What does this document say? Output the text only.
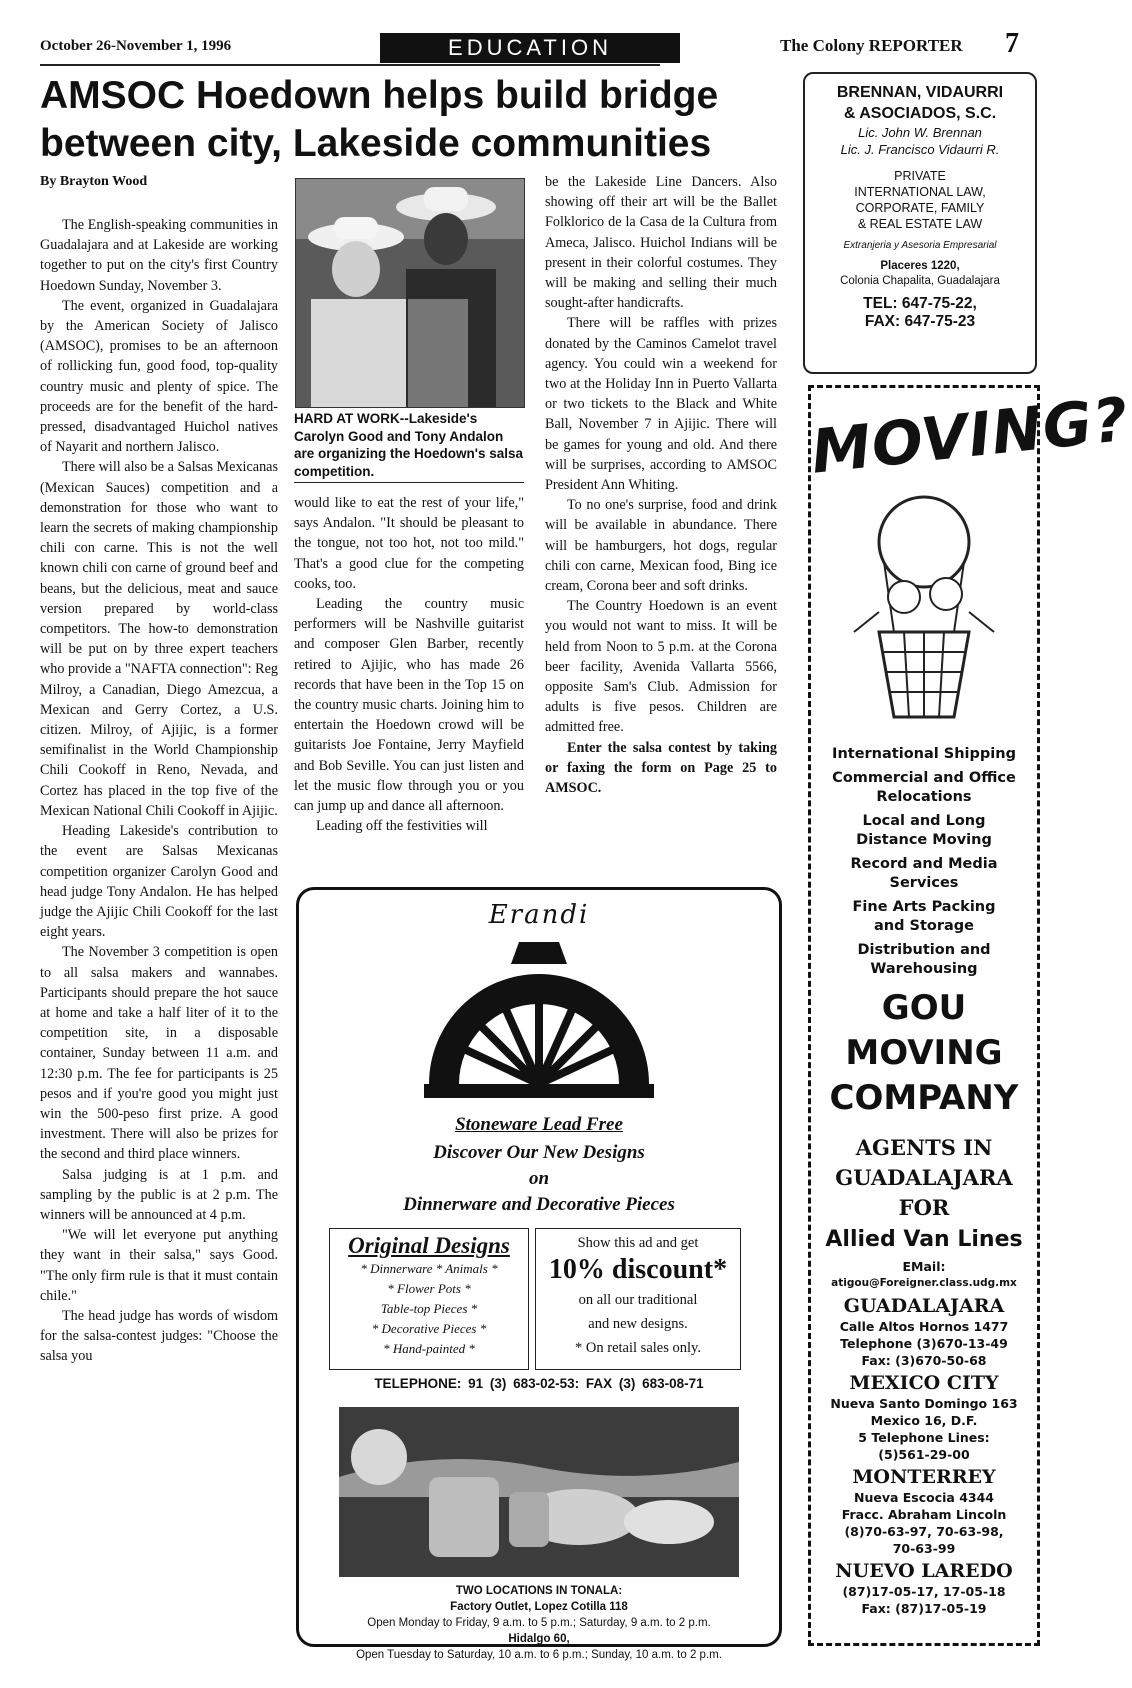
October 26-November 1, 1996	EDUCATION	The Colony REPORTER 7
AMSOC Hoedown helps build bridge
between city, Lakeside communities
By Brayton Wood

The English-speaking communities in Guadalajara and at Lakeside are working together to put on the city's first Country Hoedown Sunday, November 3.

The event, organized in Guadalajara by the American Society of Jalisco (AMSOC), promises to be an afternoon of rollicking fun, good food, top-quality country music and plenty of spice. The proceeds are for the benefit of the hard-pressed, disadvantaged Huichol natives of Nayarit and northern Jalisco.

There will also be a Salsas Mexicanas (Mexican Sauces) competition and a demonstration for those who want to learn the secrets of making championship chili con carne. This is not the well known chili con carne of ground beef and beans, but the delicious, meat and sauce version prepared by world-class competitors. The how-to demonstration will be put on by three expert teachers who provide a "NAFTA connection": Reg Milroy, a Canadian, Diego Amezcua, a Mexican and Gerry Cortez, a U.S. citizen. Milroy, of Ajijic, is a former semifinalist in the World Championship Chili Cookoff in Reno, Nevada, and Cortez has placed in the top five of the Mexican National Chili Cookoff in Ajijic.

Heading Lakeside's contribution to the event are Salsas Mexicanas competition organizer Carolyn Good and head judge Tony Andalon. He has helped judge the Ajijic Chili Cookoff for the last eight years.

The November 3 competition is open to all salsa makers and wannabes. Participants should prepare the hot sauce at home and take a half liter of it to the competition site, in a disposable container, Sunday between 11 a.m. and 12:30 p.m. The fee for participants is 25 pesos and if you're good you might just win the 500-peso first prize. A good investment. There will also be prizes for the second and third place winners.

Salsa judging is at 1 p.m. and sampling by the public is at 2 p.m. The winners will be announced at 4 p.m.

"We will let everyone put anything they want in their salsa," says Good. "The only firm rule is that it must contain chile."

The head judge has words of wisdom for the salsa-contest judges: "Choose the salsa you

HARD AT WORK--Lakeside's Carolyn Good and Tony Andalon are organizing the Hoedown's salsa competition.

would like to eat the rest of your life," says Andalon. "It should be pleasant to the tongue, not too hot, not too mild." That's a good clue for the competing cooks, too.

Leading the country music performers will be Nashville guitarist and composer Glen Barber, recently retired to Ajijic, who has made 26 records that have been in the Top 15 on the country music charts. Joining him to entertain the Hoedown crowd will be guitarists Joe Fontaine, Jerry Mayfield and Bob Seville. You can just listen and let the music flow through you or you can jump up and dance all afternoon.

Leading off the festivities will

be the Lakeside Line Dancers. Also showing off their art will be the Ballet Folklorico de la Casa de la Cultura from Ameca, Jalisco. Huichol Indians will be present in their colorful costumes. They will be making and selling their much sought-after handicrafts.

There will be raffles with prizes donated by the Caminos Camelot travel agency. You could win a weekend for two at the Holiday Inn in Puerto Vallarta or two tickets to the Black and White Ball, November 7 in Ajijic. There will be games for young and old. And there will be surprises, according to AMSOC President Ann Whiting.

To no one's surprise, food and drink will be available in abundance. There will be hamburgers, hot dogs, regular chili con carne, Mexican food, Bing ice cream, Corona beer and soft drinks.

The Country Hoedown is an event you would not want to miss. It will be held from Noon to 5 p.m. at the Corona beer facility, Avenida Vallarta 5566, opposite Sam's Club. Admission for adults is five pesos. Children are admitted free.

Enter the salsa contest by taking or faxing the form on Page 25 to AMSOC.

BRENNAN, VIDAURRI
& ASOCIADOS, S.C.
Lic. John W. Brennan
Lic. J. Francisco Vidaurri R.
PRIVATE
INTERNATIONAL LAW,
CORPORATE, FAMILY
& REAL ESTATE LAW
Extranjeria y Asesoria Empresarial
Placeres 1220,
Colonia Chapalita, Guadalajara
TEL: 647-75-22,
FAX: 647-75-23
MOVING?
International Shipping
Commercial and Office Relocations
Local and Long Distance Moving
Record and Media Services
Fine Arts Packing and Storage
Distribution and Warehousing
GOU
MOVING
COMPANY
AGENTS IN
GUADALAJARA
FOR
Allied Van Lines
EMail:
atigou@Foreigner.class.udg.mx
GUADALAJARA
Calle Altos Hornos 1477
Telephone (3)670-13-49
Fax: (3)670-50-68
MEXICO CITY
Nueva Santo Domingo 163
Mexico 16, D.F.
5 Telephone Lines:
(5)561-29-00
MONTERREY
Nueva Escocia 4344
Fracc. Abraham Lincoln
(8)70-63-97, 70-63-98,
70-63-99
NUEVO LAREDO
(87)17-05-17, 17-05-18
Fax: (87)17-05-19
Erandi
Stoneware Lead Free
Discover Our New Designs
on
Dinnerware and Decorative Pieces
Original Designs
* Dinnerware * Animals *
* Flower Pots *
Table-top Pieces *
* Decorative Pieces *
* Hand-painted *
Show this ad and get
10% discount*
on all our traditional
and new designs.
* On retail sales only.
TELEPHONE: 91 (3) 683-02-53: FAX (3) 683-08-71
TWO LOCATIONS IN TONALA:
Factory Outlet, Lopez Cotilla 118
Open Monday to Friday, 9 a.m. to 5 p.m.; Saturday, 9 a.m. to 2 p.m.
Hidalgo 60,
Open Tuesday to Saturday, 10 a.m. to 6 p.m.; Sunday, 10 a.m. to 2 p.m.
